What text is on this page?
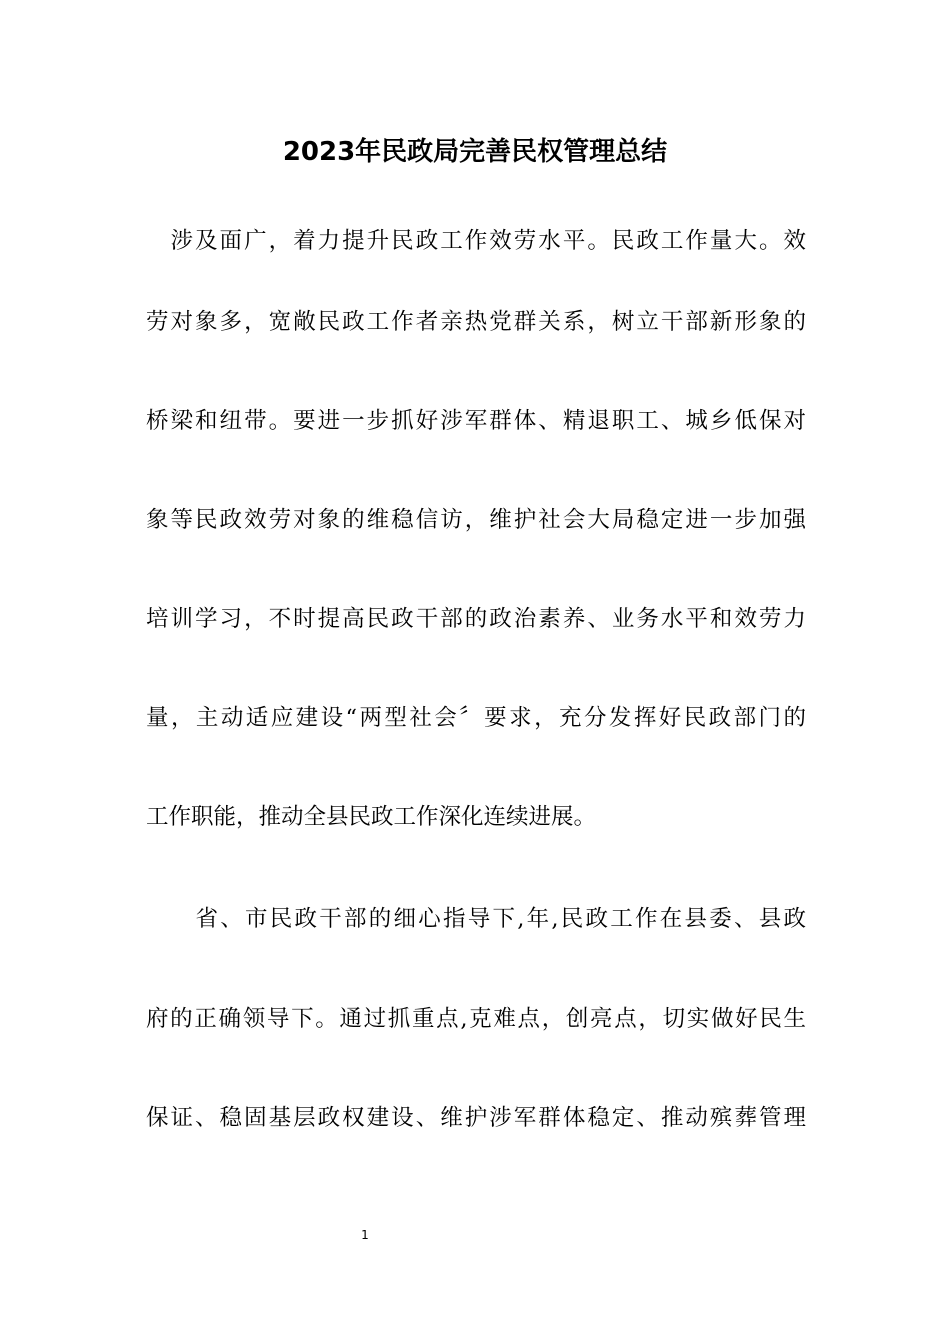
2023年民政局完善民权管理总结
　涉及面广，着力提升民政工作效劳水平。民政工作量大。效
劳对象多，宽敞民政工作者亲热党群关系，树立干部新形象的
桥梁和纽带。要进一步抓好涉军群体、精退职工、城乡低保对
象等民政效劳对象的维稳信访，维护社会大局稳定进一步加强
培训学习，不时提高民政干部的政治素养、业务水平和效劳力
量，主动适应建设“两型社会〞要求，充分发挥好民政部门的
工作职能，推动全县民政工作深化连续进展。
　　省、市民政干部的细心指导下,年,民政工作在县委、县政
府的正确领导下。通过抓重点,克难点，创亮点，切实做好民生
保证、稳固基层政权建设、维护涉军群体稳定、推动殡葬管理
1
